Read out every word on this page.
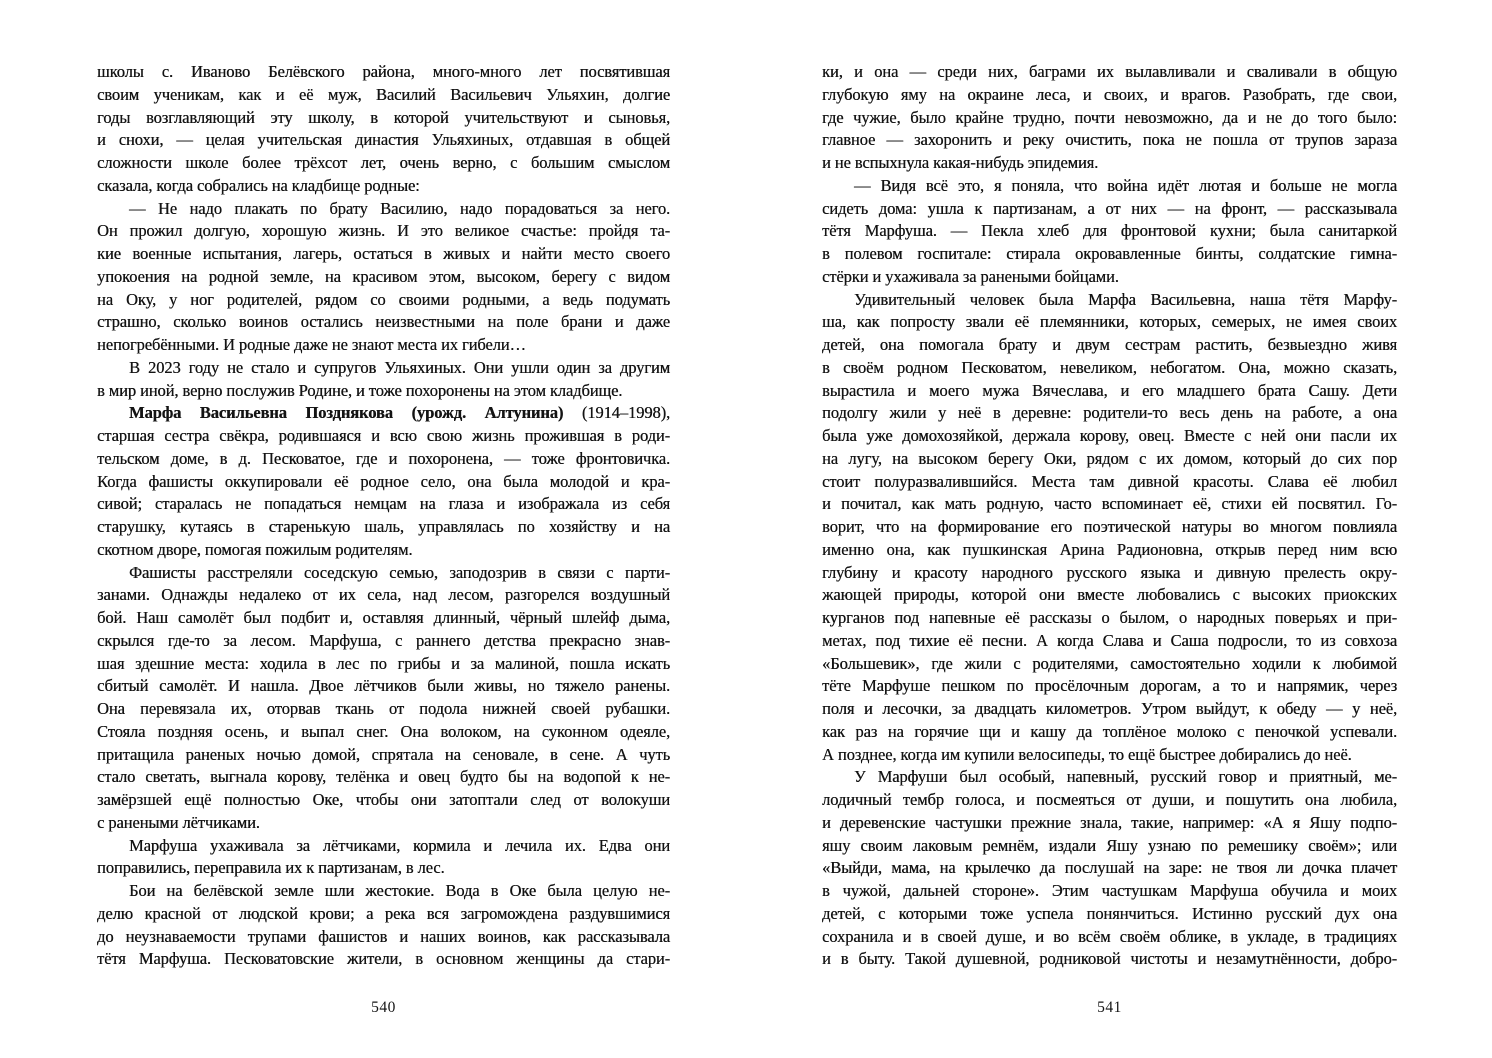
школы с. Иваново Белёвского района, много-много лет посвятившая
своим ученикам, как и её муж, Василий Васильевич Ульяхин, долгие
годы возглавляющий эту школу, в которой учительствуют и сыновья,
и снохи, — целая учительская династия Ульяхиных, отдавшая в общей
сложности школе более трёхсот лет, очень верно, с большим смыслом
сказала, когда собрались на кладбище родные:
— Не надо плакать по брату Василию, надо порадоваться за него.
Он прожил долгую, хорошую жизнь. И это великое счастье: пройдя та-
кие военные испытания, лагерь, остаться в живых и найти место своего
упокоения на родной земле, на красивом этом, высоком, берегу с видом
на Оку, у ног родителей, рядом со своими родными, а ведь подумать
страшно, сколько воинов остались неизвестными на поле брани и даже
непогребёнными. И родные даже не знают места их гибели…
В 2023 году не стало и супругов Ульяхиных. Они ушли один за другим
в мир иной, верно послужив Родине, и тоже похоронены на этом кладбище.
Марфа Васильевна Позднякова (урожд. Алтунина) (1914–1998),
старшая сестра свёкра, родившаяся и всю свою жизнь прожившая в роди-
тельском доме, в д. Песковатое, где и похоронена, — тоже фронтовичка.
Когда фашисты оккупировали её родное село, она была молодой и кра-
сивой; старалась не попадаться немцам на глаза и изображала из себя
старушку, кутаясь в старенькую шаль, управлялась по хозяйству и на
скотном дворе, помогая пожилым родителям.
Фашисты расстреляли соседскую семью, заподозрив в связи с парти-
занами. Однажды недалеко от их села, над лесом, разгорелся воздушный
бой. Наш самолёт был подбит и, оставляя длинный, чёрный шлейф дыма,
скрылся где-то за лесом. Марфуша, с раннего детства прекрасно знав-
шая здешние места: ходила в лес по грибы и за малиной, пошла искать
сбитый самолёт. И нашла. Двое лётчиков были живы, но тяжело ранены.
Она перевязала их, оторвав ткань от подола нижней своей рубашки.
Стояла поздняя осень, и выпал снег. Она волоком, на суконном одеяле,
притащила раненых ночью домой, спрятала на сеновале, в сене. А чуть
стало светать, выгнала корову, телёнка и овец будто бы на водопой к не-
замёрзшей ещё полностью Оке, чтобы они затоптали след от волокуши
с ранеными лётчиками.
Марфуша ухаживала за лётчиками, кормила и лечила их. Едва они
поправились, переправила их к партизанам, в лес.
Бои на белёвской земле шли жестокие. Вода в Оке была целую не-
делю красной от людской крови; а река вся загромождена раздувшимися
до неузнаваемости трупами фашистов и наших воинов, как рассказывала
тётя Марфуша. Песковатовские жители, в основном женщины да стари-
540
ки, и она — среди них, баграми их вылавливали и сваливали в общую
глубокую яму на окраине леса, и своих, и врагов. Разобрать, где свои,
где чужие, было крайне трудно, почти невозможно, да и не до того было:
главное — захоронить и реку очистить, пока не пошла от трупов зараза
и не вспыхнула какая-нибудь эпидемия.
— Видя всё это, я поняла, что война идёт лютая и больше не могла
сидеть дома: ушла к партизанам, а от них — на фронт, — рассказывала
тётя Марфуша. — Пекла хлеб для фронтовой кухни; была санитаркой
в полевом госпитале: стирала окровавленные бинты, солдатские гимна-
стёрки и ухаживала за ранеными бойцами.
Удивительный человек была Марфа Васильевна, наша тётя Марфу-
ша, как попросту звали её племянники, которых, семерых, не имея своих
детей, она помогала брату и двум сестрам растить, безвыездно живя
в своём родном Песковатом, невеликом, небогатом. Она, можно сказать,
вырастила и моего мужа Вячеслава, и его младшего брата Сашу. Дети
подолгу жили у неё в деревне: родители-то весь день на работе, а она
была уже домохозяйкой, держала корову, овец. Вместе с ней они пасли их
на лугу, на высоком берегу Оки, рядом с их домом, который до сих пор
стоит полуразвалившийся. Места там дивной красоты. Слава её любил
и почитал, как мать родную, часто вспоминает её, стихи ей посвятил. Го-
ворит, что на формирование его поэтической натуры во многом повлияла
именно она, как пушкинская Арина Радионовна, открыв перед ним всю
глубину и красоту народного русского языка и дивную прелесть окру-
жающей природы, которой они вместе любовались с высоких приокских
курганов под напевные её рассказы о былом, о народных поверьях и при-
метах, под тихие её песни. А когда Слава и Саша подросли, то из совхоза
«Большевик», где жили с родителями, самостоятельно ходили к любимой
тёте Марфуше пешком по просёлочным дорогам, а то и напрямик, через
поля и лесочки, за двадцать километров. Утром выйдут, к обеду — у неё,
как раз на горячие щи и кашу да топлёное молоко с пеночкой успевали.
А позднее, когда им купили велосипеды, то ещё быстрее добирались до неё.
У Марфуши был особый, напевный, русский говор и приятный, ме-
лодичный тембр голоса, и посмеяться от души, и пошутить она любила,
и деревенские частушки прежние знала, такие, например: «А я Яшу подпо-
яшу своим лаковым ремнём, издали Яшу узнаю по ремешику своём»; или
«Выйди, мама, на крылечко да послушай на заре: не твоя ли дочка плачет
в чужой, дальней стороне». Этим частушкам Марфуша обучила и моих
детей, с которыми тоже успела понянчиться. Истинно русский дух она
сохранила и в своей душе, и во всём своём облике, в укладе, в традициях
и в быту. Такой душевной, родниковой чистоты и незамутнённости, добро-
541
